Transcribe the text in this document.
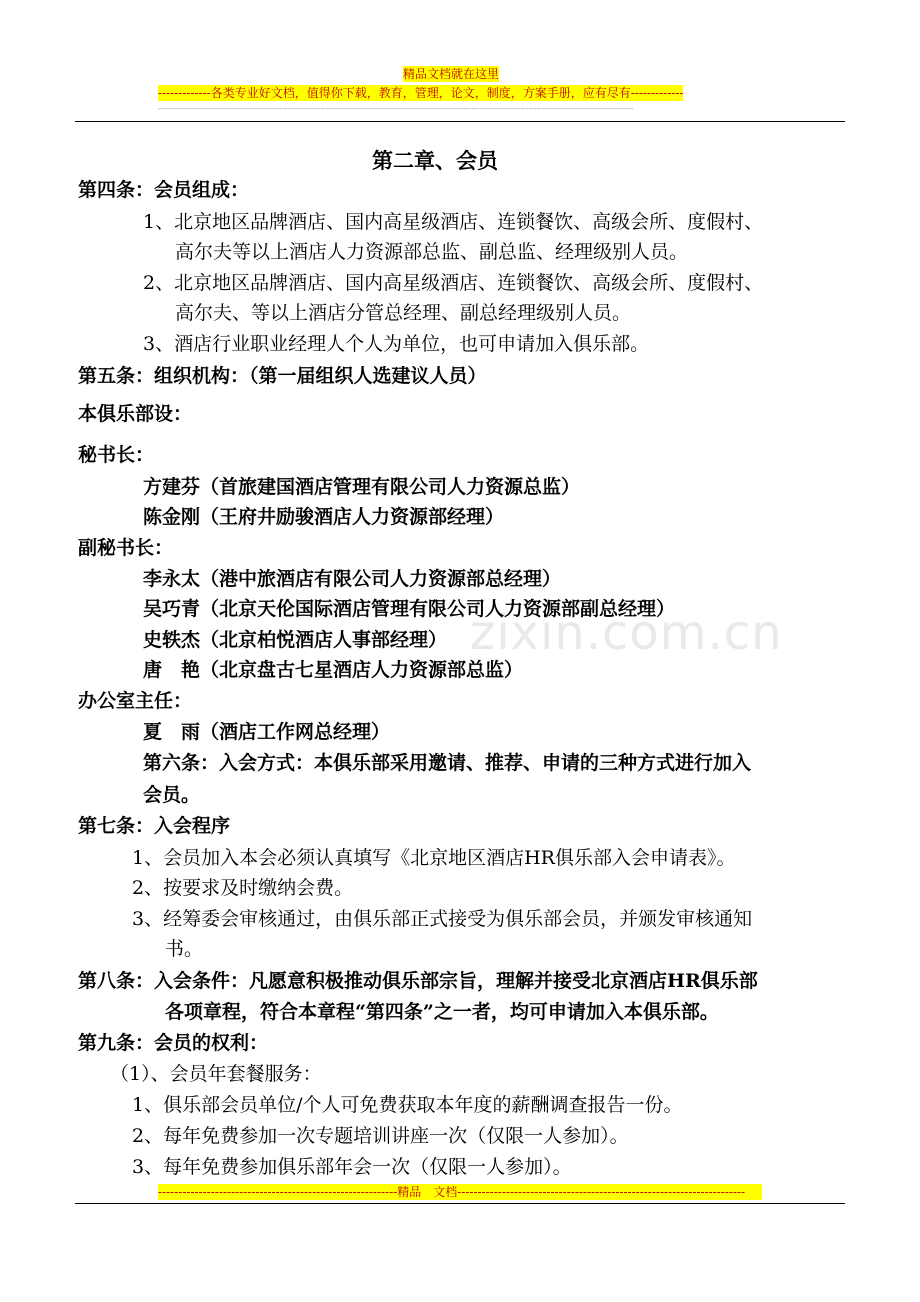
精品文档就在这里
-------------各类专业好文档，值得你下载，教育，管理，论文，制度，方案手册，应有尽有-------------
--------------------------------------------------------------------------------------------------------------------------------------------------------------------------------
zixin.com.cn
第二章、会员
第四条：会员组成：
1、北京地区品牌酒店、国内高星级酒店、连锁餐饮、高级会所、度假村、
高尔夫等以上酒店人力资源部总监、副总监、经理级别人员。
2、北京地区品牌酒店、国内高星级酒店、连锁餐饮、高级会所、度假村、
高尔夫、等以上酒店分管总经理、副总经理级别人员。
3、酒店行业职业经理人个人为单位，也可申请加入俱乐部。
第五条：组织机构：（第一届组织人选建议人员）
本俱乐部设：
秘书长：
方建芬（首旅建国酒店管理有限公司人力资源总监）
陈金刚（王府井励骏酒店人力资源部经理）
副秘书长：
李永太（港中旅酒店有限公司人力资源部总经理）
吴巧青（北京天伦国际酒店管理有限公司人力资源部副总经理）
史轶杰（北京柏悦酒店人事部经理）
唐　艳（北京盘古七星酒店人力资源部总监）
办公室主任：
夏　雨（酒店工作网总经理）
第六条：入会方式：本俱乐部采用邀请、推荐、申请的三种方式进行加入
会员。
第七条：入会程序
1、会员加入本会必须认真填写《北京地区酒店HR俱乐部入会申请表》。
2、按要求及时缴纳会费。
3、经筹委会审核通过，由俱乐部正式接受为俱乐部会员，并颁发审核通知
书。
第八条：入会条件：凡愿意积极推动俱乐部宗旨，理解并接受北京酒店HR俱乐部
各项章程，符合本章程“第四条”之一者，均可申请加入本俱乐部。
第九条：会员的权利：
（1）、会员年套餐服务：
1、俱乐部会员单位/个人可免费获取本年度的薪酬调查报告一份。
2、每年免费参加一次专题培训讲座一次（仅限一人参加）。
3、每年免费参加俱乐部年会一次（仅限一人参加）。
-----------------------------------------------------------精品　文档-----------------------------------------------------------------------
